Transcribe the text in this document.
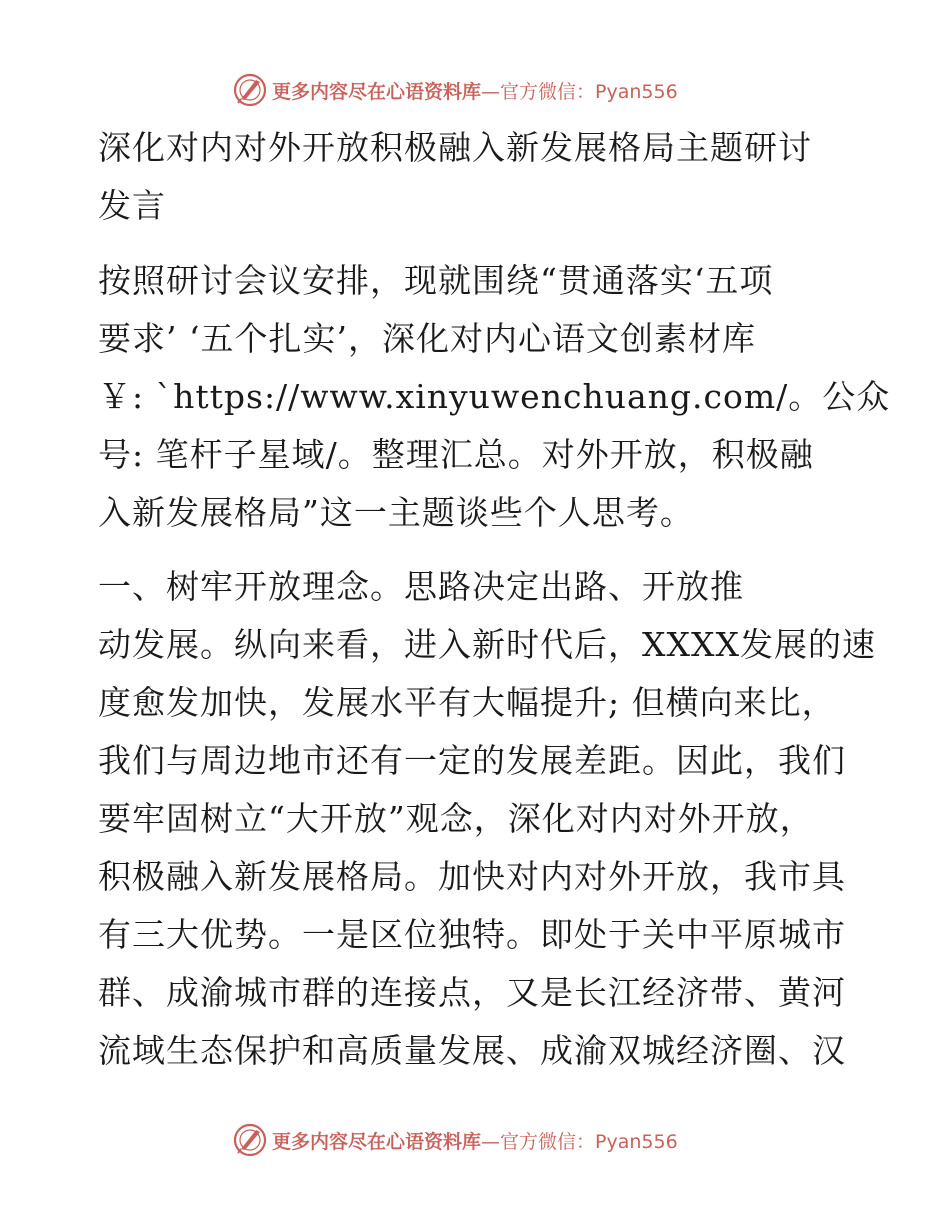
更多内容尽在心语资料库—官方微信：Pyan556
深化对内对外开放积极融入新发展格局主题研讨
发言
按照研讨会议安排，现就围绕“贯通落实‘五项
要求’ ‘五个扎实’，深化对内心语文创素材库
￥: `https://www.xinyuwenchuang.com/。公众
号: 笔杆子星域/。整理汇总。对外开放，积极融
入新发展格局”这一主题谈些个人思考。
一、树牢开放理念。思路决定出路、开放推
动发展。纵向来看，进入新时代后，XXXX发展的速
度愈发加快，发展水平有大幅提升; 但横向来比，
我们与周边地市还有一定的发展差距。因此，我们
要牢固树立“大开放”观念，深化对内对外开放，
积极融入新发展格局。加快对内对外开放，我市具
有三大优势。一是区位独特。即处于关中平原城市
群、成渝城市群的连接点，又是长江经济带、黄河
流域生态保护和高质量发展、成渝双城经济圈、汉
更多内容尽在心语资料库—官方微信：Pyan556
